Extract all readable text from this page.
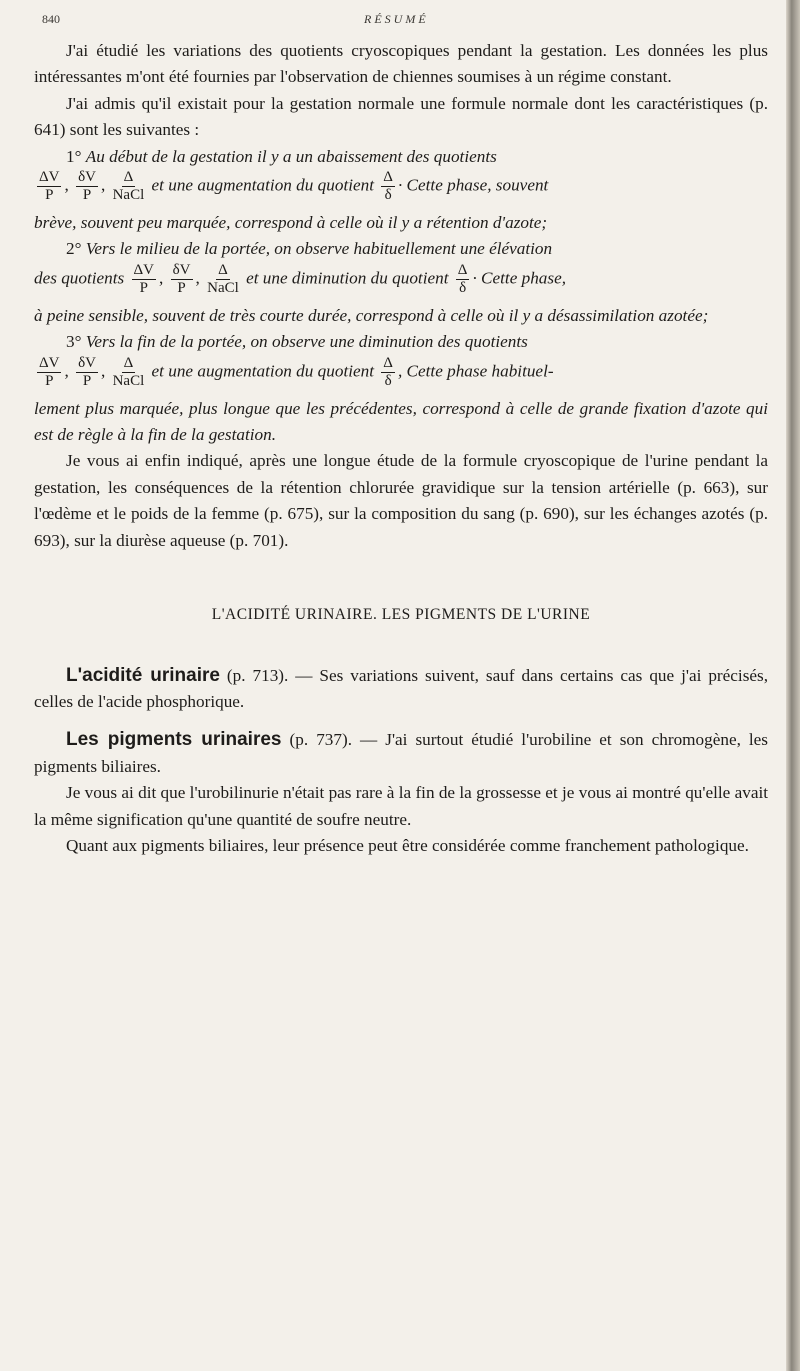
840	RÉSUMÉ

J'ai étudié les variations des quotients cryoscopiques pendant la gestation. Les données les plus intéressantes m'ont été fournies par l'observation de chiennes soumises à un régime constant.

J'ai admis qu'il existait pour la gestation normale une formule normale dont les caractéristiques (p. 641) sont les suivantes :

1° Au début de la gestation il y a un abaissement des quotients

$\frac{\Delta V}{P}$ , $\frac{\delta V}{P}$ , $\frac{\Delta}{\text{NaCl}}$ et une augmentation du quotient $\frac{\Delta}{\delta}$ · Cette phase, souvent

brève, souvent peu marquée, correspond à celle où il y a rétention d'azote;

2° Vers le milieu de la portée, on observe habituellement une élévation

des quotients $\frac{\Delta V}{P}$ , $\frac{\delta V}{P}$ , $\frac{\Delta}{\text{NaCl}}$ et une diminution du quotient $\frac{\Delta}{\delta}$ · Cette phase,

à peine sensible, souvent de très courte durée, correspond à celle où il y a désassimilation azotée;

3° Vers la fin de la portée, on observe une diminution des quotients

$\frac{\Delta V}{P}$ , $\frac{\delta V}{P}$ , $\frac{\Delta}{\text{NaCl}}$ et une augmentation du quotient $\frac{\Delta}{\delta}$ , Cette phase habituel-

lement plus marquée, plus longue que les précédentes, correspond à celle de grande fixation d'azote qui est de règle à la fin de la gestation.

Je vous ai enfin indiqué, après une longue étude de la formule cryoscopique de l'urine pendant la gestation, les conséquences de la rétention chlorurée gravidique sur la tension artérielle (p. 663), sur l'œdème et le poids de la femme (p. 675), sur la composition du sang (p. 690), sur les échanges azotés (p. 693), sur la diurèse aqueuse (p. 701).

L'ACIDITÉ URINAIRE. LES PIGMENTS DE L'URINE

L'acidité urinaire (p. 713). — Ses variations suivent, sauf dans certains cas que j'ai précisés, celles de l'acide phosphorique.

Les pigments urinaires (p. 737). — J'ai surtout étudié l'urobiline et son chromogène, les pigments biliaires.

Je vous ai dit que l'urobilinurie n'était pas rare à la fin de la grossesse et je vous ai montré qu'elle avait la même signification qu'une quantité de soufre neutre.

Quant aux pigments biliaires, leur présence peut être considérée comme franchement pathologique.
